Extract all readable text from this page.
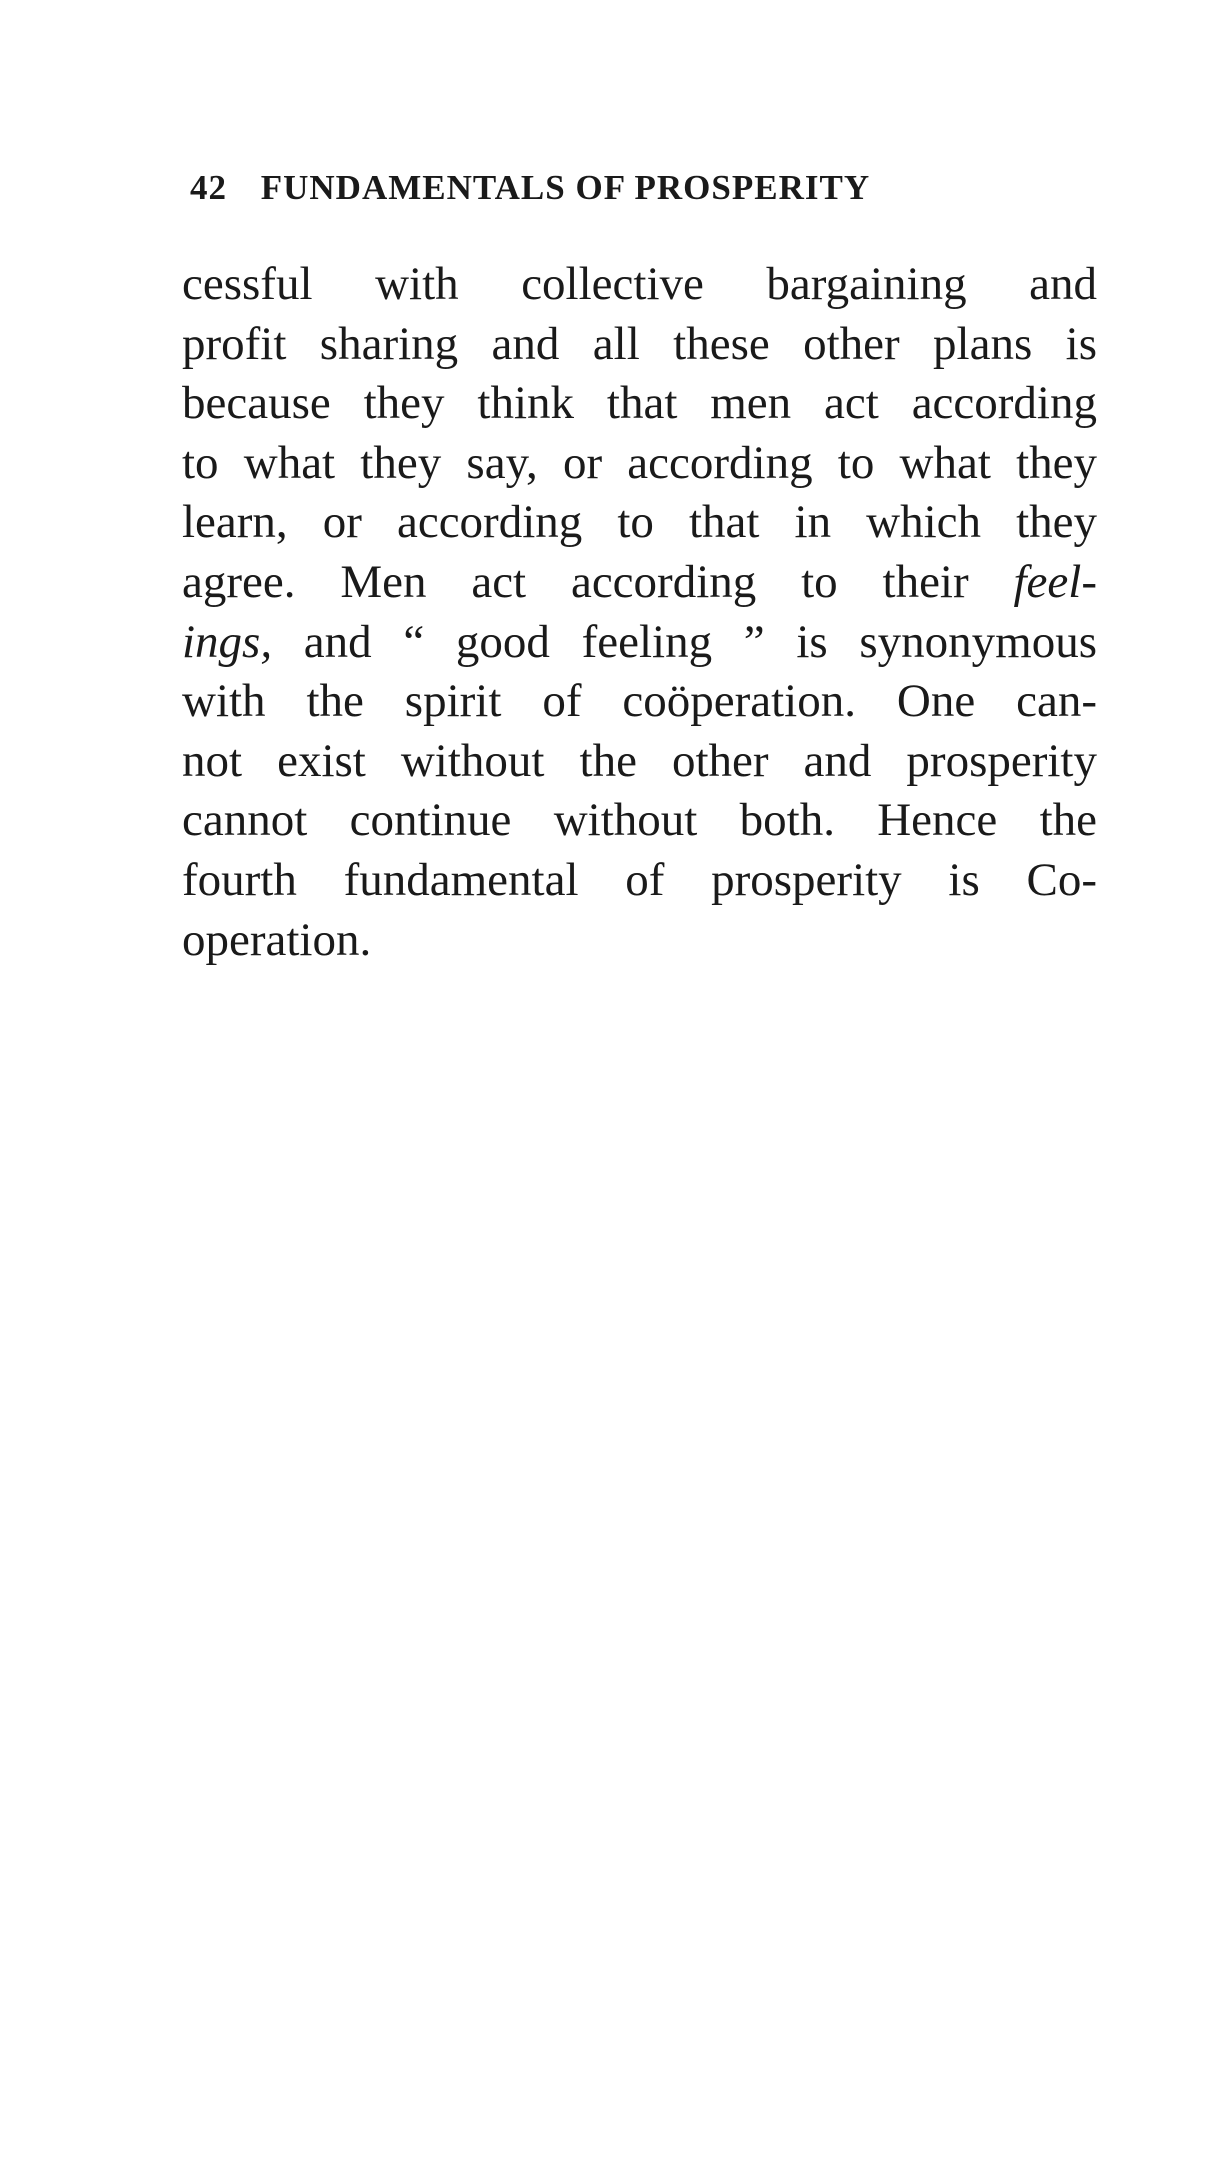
42 FUNDAMENTALS OF PROSPERITY
cessful with collective bargaining and
profit sharing and all these other plans is
because they think that men act according
to what they say, or according to what they
learn, or according to that in which they
agree. Men act according to their feel-
ings, and “ good feeling ” is synonymous
with the spirit of coöperation. One can-
not exist without the other and prosperity
cannot continue without both. Hence the
fourth fundamental of prosperity is Co-
operation.
